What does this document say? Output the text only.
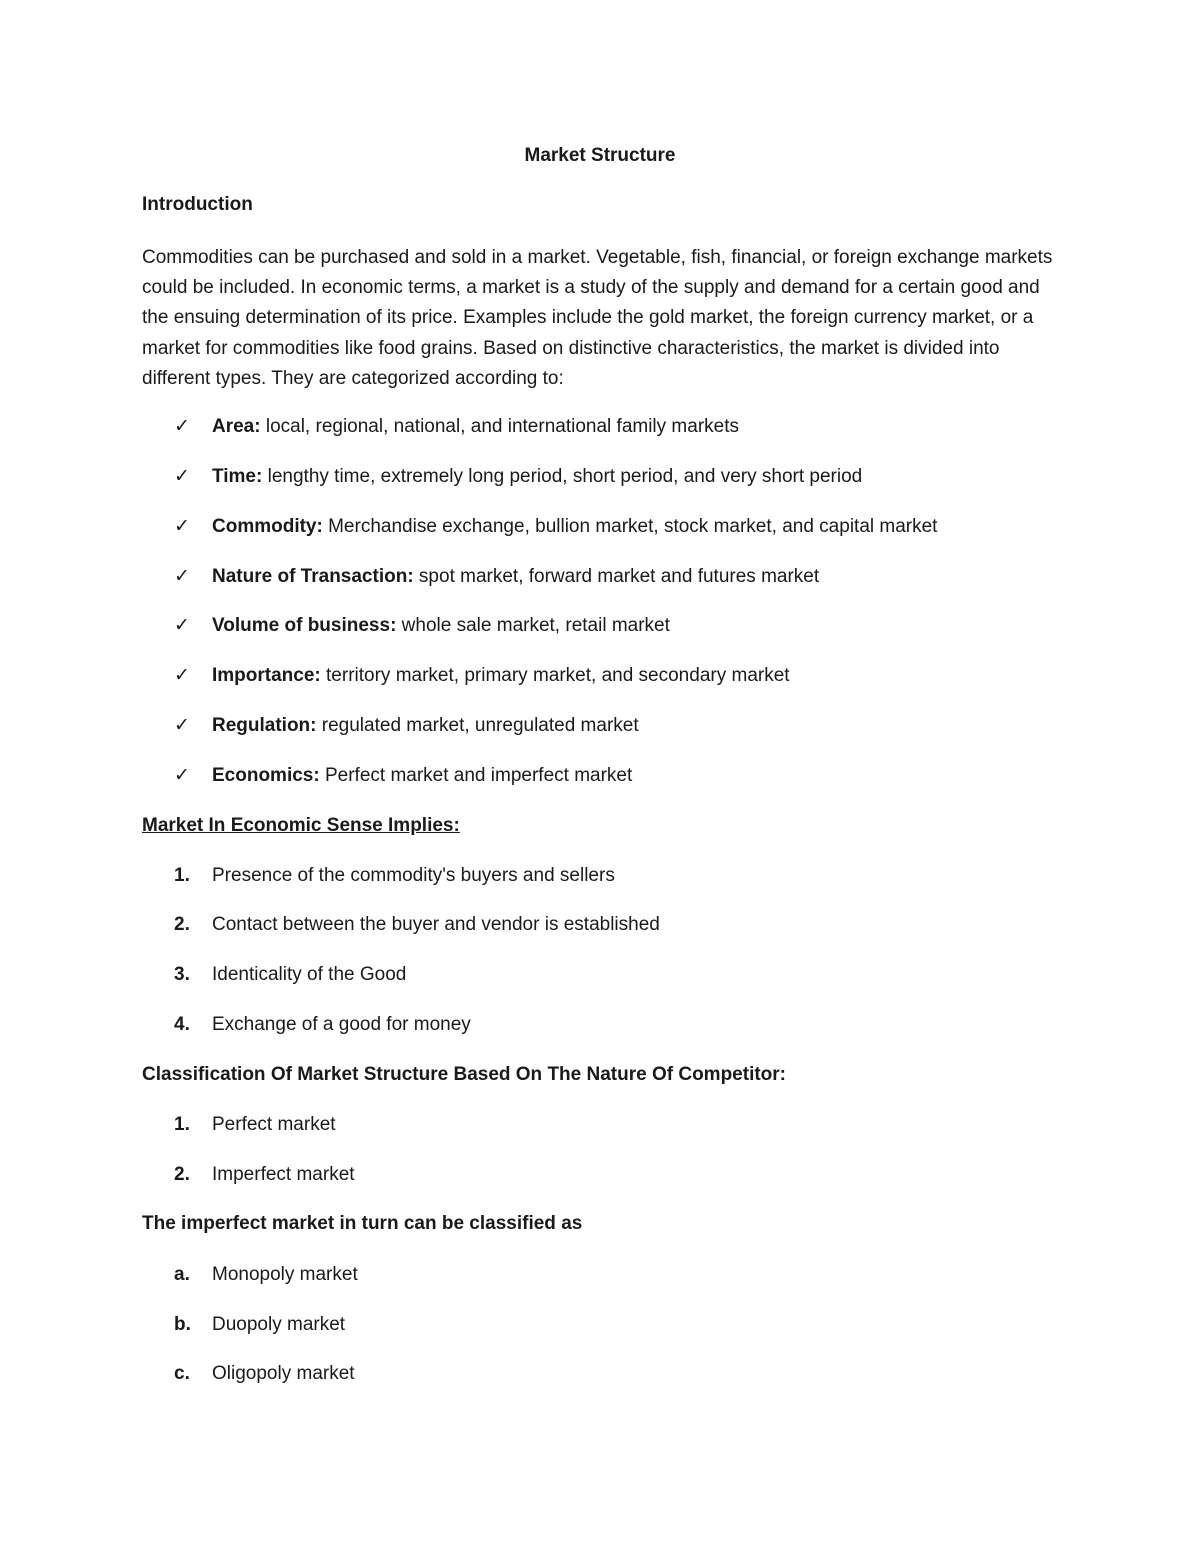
Market Structure
Introduction
Commodities can be purchased and sold in a market. Vegetable, fish, financial, or foreign exchange markets could be included. In economic terms, a market is a study of the supply and demand for a certain good and the ensuing determination of its price. Examples include the gold market, the foreign currency market, or a market for commodities like food grains. Based on distinctive characteristics, the market is divided into different types. They are categorized according to:
✓	Area: local, regional, national, and international family markets
✓	Time: lengthy time, extremely long period, short period, and very short period
✓	Commodity: Merchandise exchange, bullion market, stock market, and capital market
✓	Nature of Transaction: spot market, forward market and futures market
✓	Volume of business: whole sale market, retail market
✓	Importance: territory market, primary market, and secondary market
✓	Regulation: regulated market, unregulated market
✓	Economics: Perfect market and imperfect market
Market In Economic Sense Implies:
1.	Presence of the commodity's buyers and sellers
2.	Contact between the buyer and vendor is established
3.	Identicality of the Good
4.	Exchange of a good for money
Classification Of Market Structure Based On The Nature Of Competitor:
1.	Perfect market
2.	Imperfect market
The imperfect market in turn can be classified as
a.	Monopoly market
b.	Duopoly market
c.	Oligopoly market
